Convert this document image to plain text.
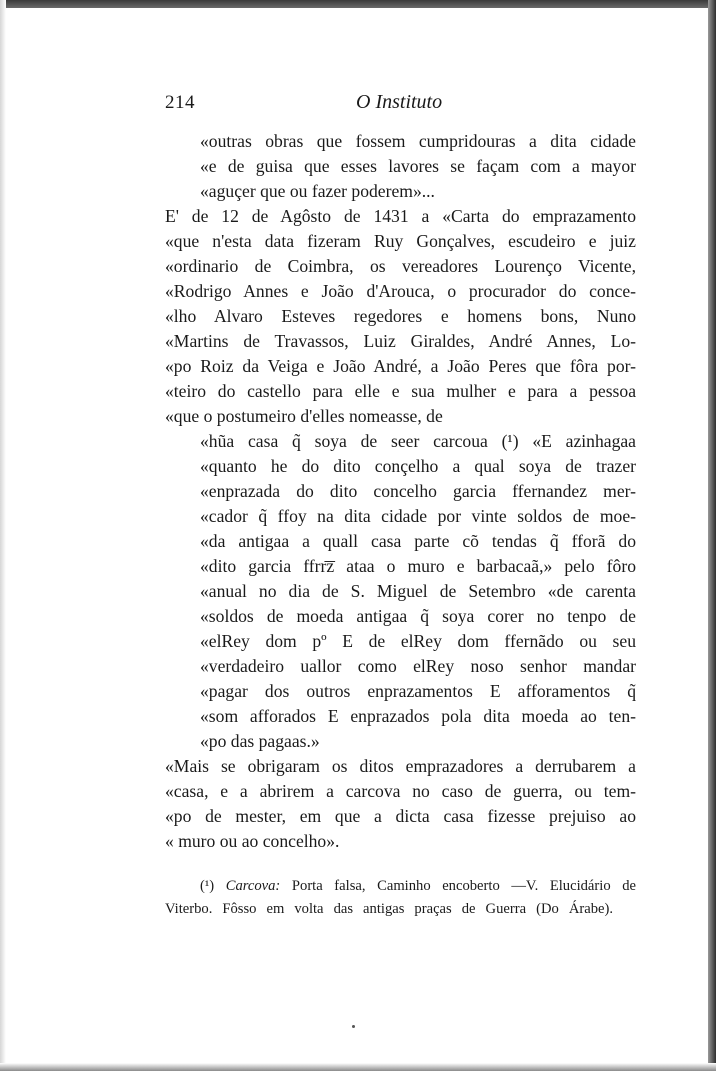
214	O Instituto
«outras obras que fossem cumpridouras a dita cidade
«e de guisa que esses lavores se façam com a mayor
«aguçer que ou fazer poderem»...
E' de 12 de Agôsto de 1431 a «Carta do emprazamento
«que n'esta data fizeram Ruy Gonçalves, escudeiro e juiz
«ordinario de Coimbra, os vereadores Lourenço Vicente,
«Rodrigo Annes e João d'Arouca, o procurador do conce-
«lho Alvaro Esteves regedores e homens bons, Nuno
«Martins de Travassos, Luiz Giraldes, André Annes, Lo-
«po Roiz da Veiga e João André, a João Peres que fôra por-
«teiro do castello para elle e sua mulher e para a pessoa
«que o postumeiro d'elles nomeasse, de
«hũa casa q̃ soya de seer carcoua (¹) «E azinhagaa
«quanto he do dito conçelho a qual soya de trazer
«enprazada do dito concelho garcia ffernandez mer-
«cador q̃ ffoy na dita cidade por vinte soldos de moe-
«da antigaa a quall casa parte cõ tendas q̃ fforã do
«dito garcia ffrr͞z ataa o muro e barbacaã,» pelo fôro
«anual no dia de S. Miguel de Setembro «de carenta
«soldos de moeda antigaa q̃ soya corer no tenpo de
«elRey dom pº E de elRey dom ffernãdo ou seu
«verdadeiro uallor como elRey noso senhor mandar
«pagar dos outros enprazamentos E afforamentos q̃
«som afforados E enprazados pola dita moeda ao ten-
«po das pagaas.»
«Mais se obrigaram os ditos emprazadores a derrubarem a
«casa, e a abrirem a carcova no caso de guerra, ou tem-
«po de mester, em que a dicta casa fizesse prejuiso ao
« muro ou ao concelho».
(¹) Carcova: Porta falsa, Caminho encoberto —V. Elucidário de
Viterbo. Fôsso em volta das antigas praças de Guerra (Do Árabe).
